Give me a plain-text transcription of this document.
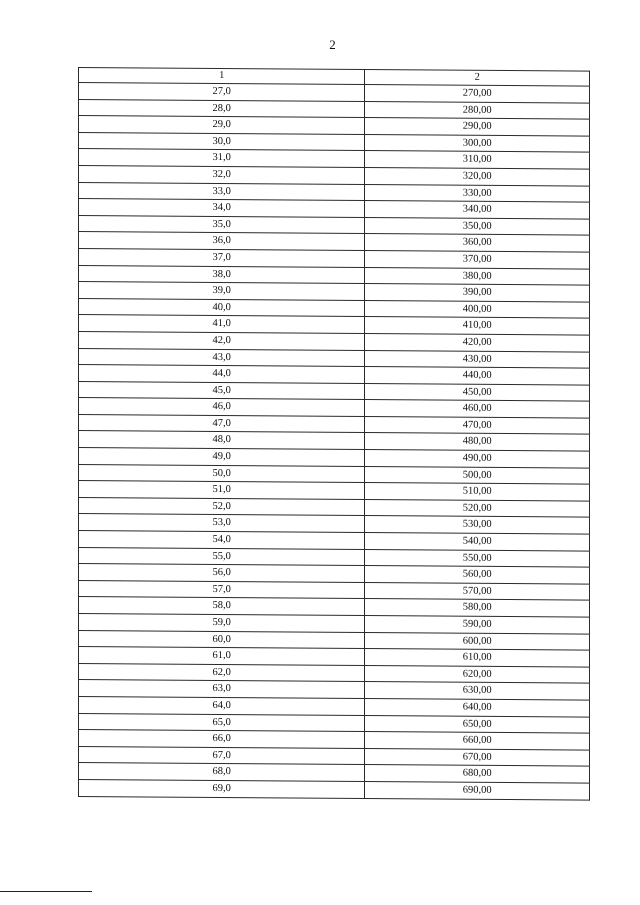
2
1	2
27,0	270,00
28,0	280,00
29,0	290,00
30,0	300,00
31,0	310,00
32,0	320,00
33,0	330,00
34,0	340,00
35,0	350,00
36,0	360,00
37,0	370,00
38,0	380,00
39,0	390,00
40,0	400,00
41,0	410,00
42,0	420,00
43,0	430,00
44,0	440,00
45,0	450,00
46,0	460,00
47,0	470,00
48,0	480,00
49,0	490,00
50,0	500,00
51,0	510,00
52,0	520,00
53,0	530,00
54,0	540,00
55,0	550,00
56,0	560,00
57,0	570,00
58,0	580,00
59,0	590,00
60,0	600,00
61,0	610,00
62,0	620,00
63,0	630,00
64,0	640,00
65,0	650,00
66,0	660,00
67,0	670,00
68,0	680,00
69,0	690,00
